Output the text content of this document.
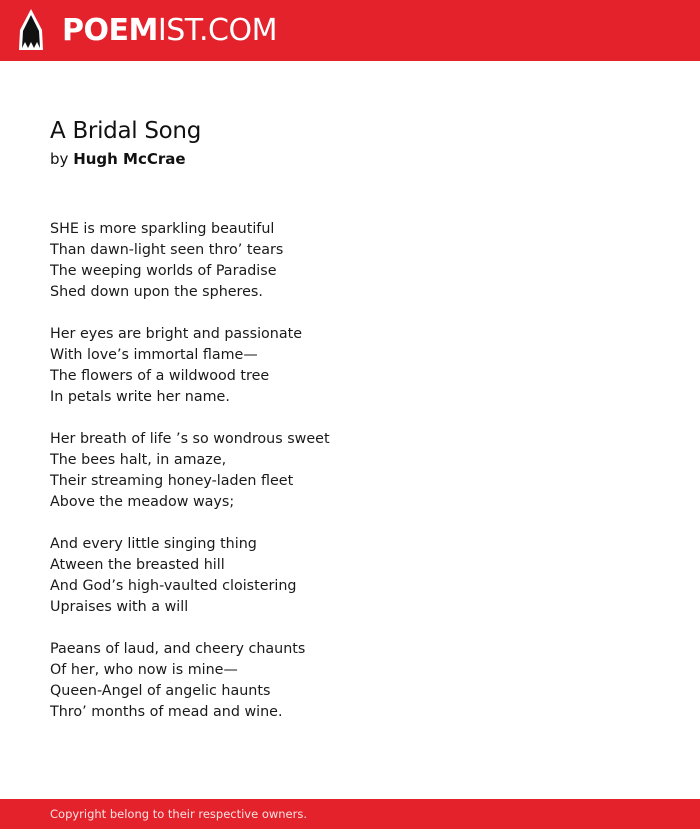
POEMIST.COM
A Bridal Song
by Hugh McCrae
SHE is more sparkling beautiful
Than dawn-light seen thro’ tears
The weeping worlds of Paradise
Shed down upon the spheres.
Her eyes are bright and passionate
With love’s immortal flame—
The flowers of a wildwood tree
In petals write her name.
Her breath of life ’s so wondrous sweet
The bees halt, in amaze,
Their streaming honey-laden fleet
Above the meadow ways;
And every little singing thing
Atween the breasted hill
And God’s high-vaulted cloistering
Upraises with a will
Paeans of laud, and cheery chaunts
Of her, who now is mine—
Queen-Angel of angelic haunts
Thro’ months of mead and wine.
Copyright belong to their respective owners.
